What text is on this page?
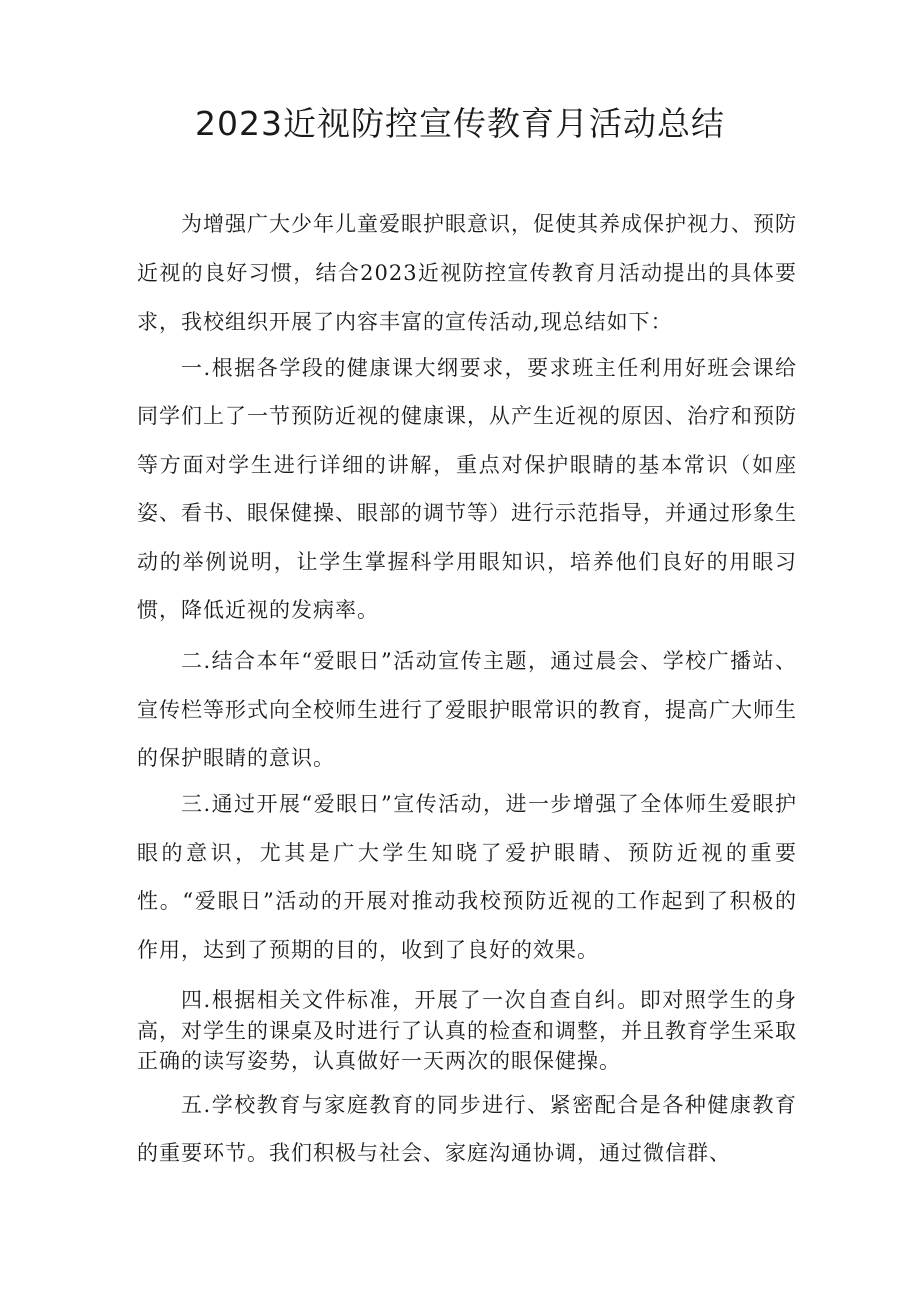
2023近视防控宣传教育月活动总结

为增强广大少年儿童爱眼护眼意识，促使其养成保护视力、预防近视的良好习惯，结合2023近视防控宣传教育月活动提出的具体要求，我校组织开展了内容丰富的宣传活动,现总结如下：

一.根据各学段的健康课大纲要求，要求班主任利用好班会课给同学们上了一节预防近视的健康课，从产生近视的原因、治疗和预防等方面对学生进行详细的讲解，重点对保护眼睛的基本常识（如座姿、看书、眼保健操、眼部的调节等）进行示范指导，并通过形象生动的举例说明，让学生掌握科学用眼知识，培养他们良好的用眼习惯，降低近视的发病率。

二.结合本年“爱眼日”活动宣传主题，通过晨会、学校广播站、宣传栏等形式向全校师生进行了爱眼护眼常识的教育，提高广大师生的保护眼睛的意识。

三.通过开展“爱眼日”宣传活动，进一步增强了全体师生爱眼护眼的意识，尤其是广大学生知晓了爱护眼睛、预防近视的重要性。“爱眼日”活动的开展对推动我校预防近视的工作起到了积极的作用，达到了预期的目的，收到了良好的效果。

四.根据相关文件标准，开展了一次自查自纠。即对照学生的身高，对学生的课桌及时进行了认真的检查和调整，并且教育学生采取正确的读写姿势，认真做好一天两次的眼保健操。

五.学校教育与家庭教育的同步进行、紧密配合是各种健康教育的重要环节。我们积极与社会、家庭沟通协调，通过微信群、
